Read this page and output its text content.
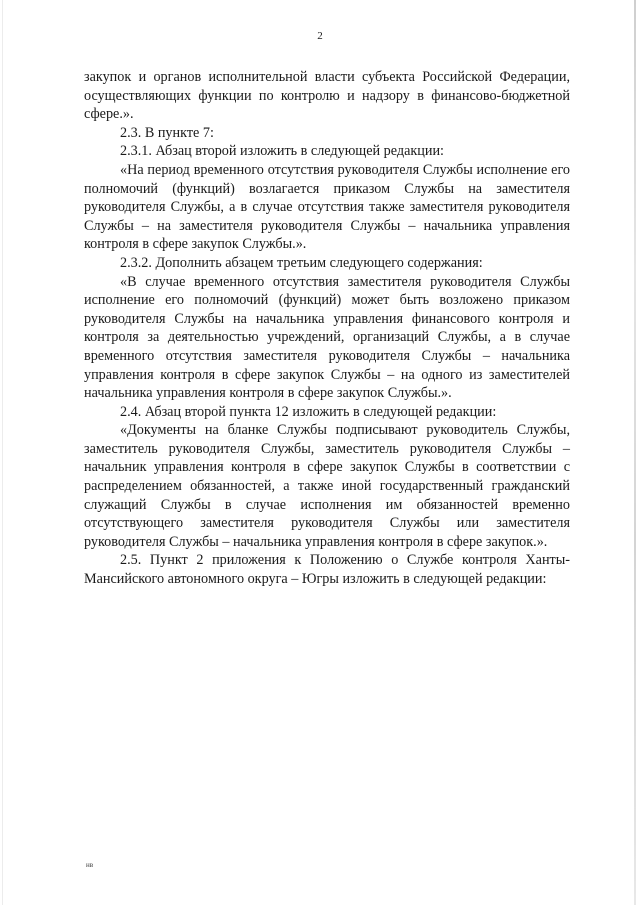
2

закупок и органов исполнительной власти субъекта Российской Федерации, осуществляющих функции по контролю и надзору в финансово-бюджетной сфере.».

2.3. В пункте 7:

2.3.1. Абзац второй изложить в следующей редакции:

«На период временного отсутствия руководителя Службы исполнение его полномочий (функций) возлагается приказом Службы на заместителя руководителя Службы, а в случае отсутствия также заместителя руководителя Службы – на заместителя руководителя Службы – начальника управления контроля в сфере закупок Службы.».

2.3.2. Дополнить абзацем третьим следующего содержания:

«В случае временного отсутствия заместителя руководителя Службы исполнение его полномочий (функций) может быть возложено приказом руководителя Службы на начальника управления финансового контроля и контроля за деятельностью учреждений, организаций Службы, а в случае временного отсутствия заместителя руководителя Службы – начальника управления контроля в сфере закупок Службы – на одного из заместителей начальника управления контроля в сфере закупок Службы.».

2.4. Абзац второй пункта 12 изложить в следующей редакции:

«Документы на бланке Службы подписывают руководитель Службы, заместитель руководителя Службы, заместитель руководителя Службы – начальник управления контроля в сфере закупок Службы в соответствии с распределением обязанностей, а также иной государственный гражданский служащий Службы в случае исполнения им обязанностей временно отсутствующего заместителя руководителя Службы или заместителя руководителя Службы – начальника управления контроля в сфере закупок.».

2.5. Пункт 2 приложения к Положению о Службе контроля Ханты-Мансийского автономного округа – Югры изложить в следующей редакции:

нв
